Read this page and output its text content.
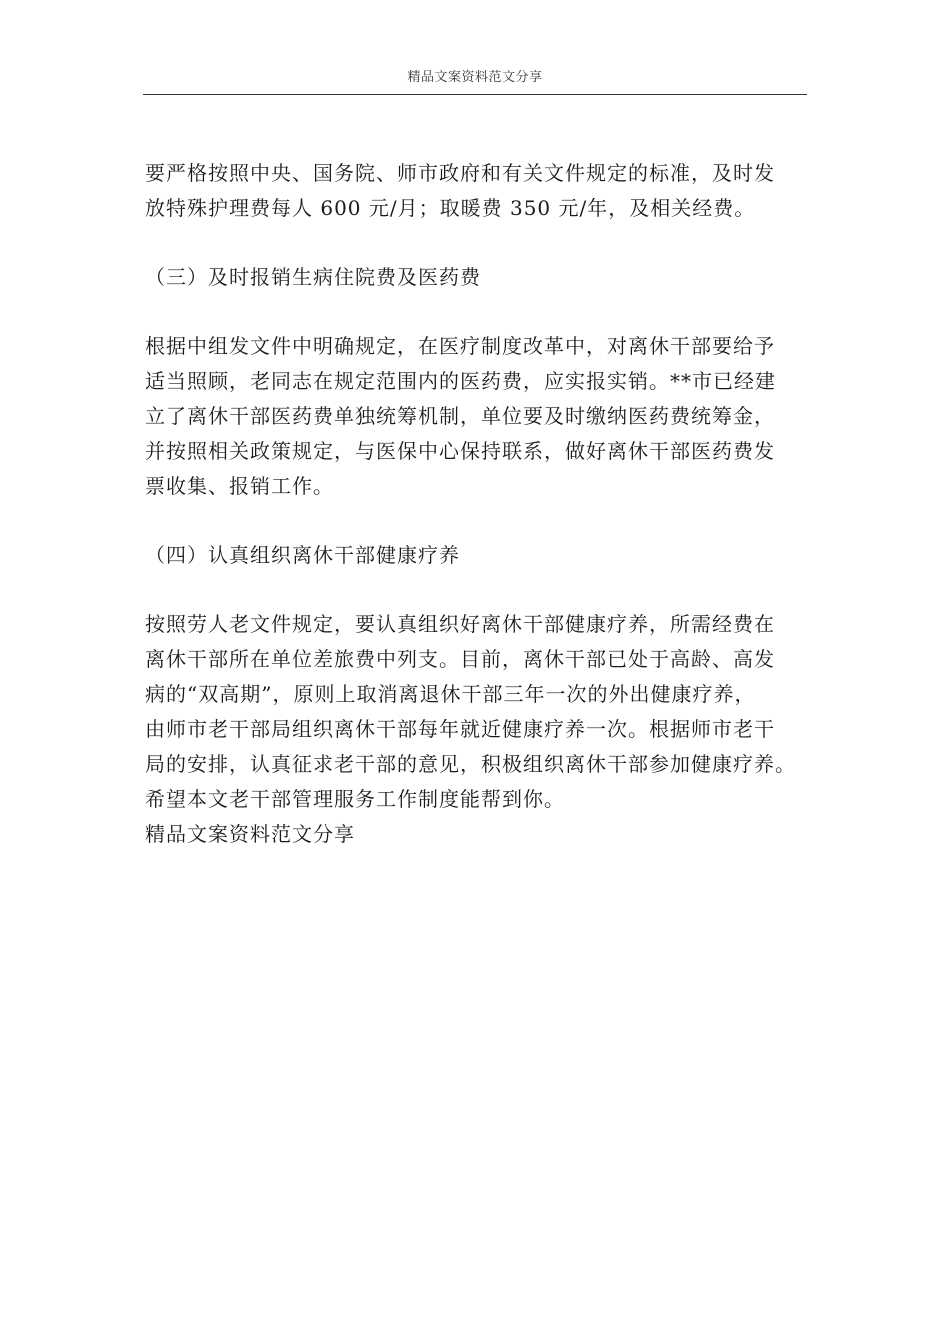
精品文案资料范文分享

要严格按照中央、国务院、师市政府和有关文件规定的标准，及时发
放特殊护理费每人 600 元/月；取暖费 350 元/年，及相关经费。

（三）及时报销生病住院费及医药费

根据中组发文件中明确规定，在医疗制度改革中，对离休干部要给予
适当照顾，老同志在规定范围内的医药费，应实报实销。**市已经建
立了离休干部医药费单独统筹机制，单位要及时缴纳医药费统筹金，
并按照相关政策规定，与医保中心保持联系，做好离休干部医药费发
票收集、报销工作。

（四）认真组织离休干部健康疗养

按照劳人老文件规定，要认真组织好离休干部健康疗养，所需经费在
离休干部所在单位差旅费中列支。目前，离休干部已处于高龄、高发
病的“双高期”，原则上取消离退休干部三年一次的外出健康疗养，
由师市老干部局组织离休干部每年就近健康疗养一次。根据师市老干
局的安排，认真征求老干部的意见，积极组织离休干部参加健康疗养。
希望本文老干部管理服务工作制度能帮到你。
精品文案资料范文分享
